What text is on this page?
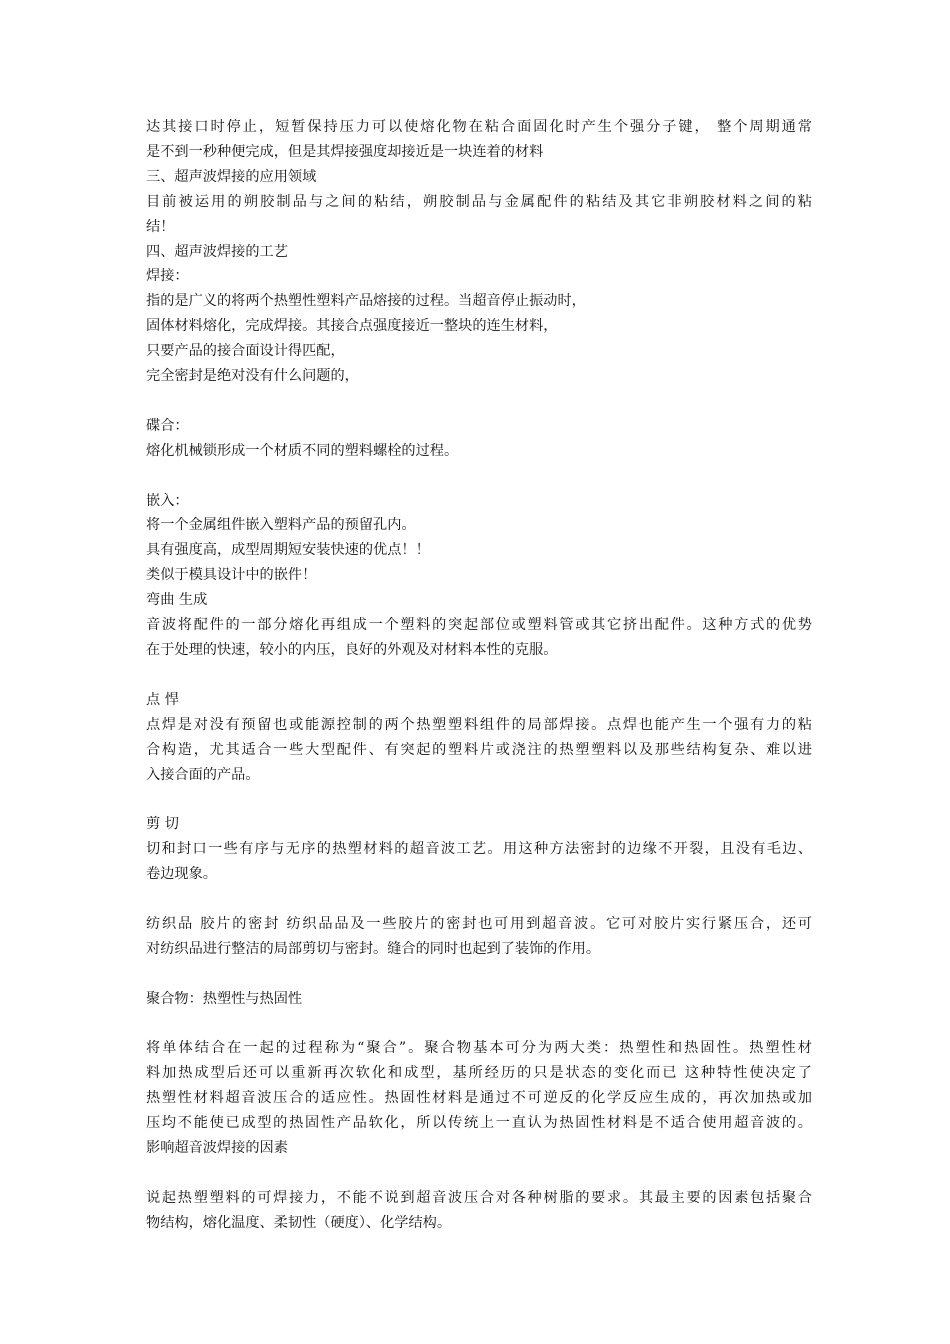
达其接口时停止，短暂保持压力可以使熔化物在粘合面固化时产生个强分子键， 整个周期通常
是不到一秒种便完成，但是其焊接强度却接近是一块连着的材料
三、超声波焊接的应用领域
目前被运用的朔胶制品与之间的粘结，朔胶制品与金属配件的粘结及其它非朔胶材料之间的粘
结！
四、超声波焊接的工艺
焊接：
指的是广义的将两个热塑性塑料产品熔接的过程。当超音停止振动时，
固体材料熔化，完成焊接。其接合点强度接近一整块的连生材料，
只要产品的接合面设计得匹配，
完全密封是绝对没有什么问题的，
碟合：
熔化机械锁形成一个材质不同的塑料螺栓的过程。
嵌入：
将一个金属组件嵌入塑料产品的预留孔内。
具有强度高，成型周期短安装快速的优点！！
类似于模具设计中的嵌件！
弯曲 生成
音波将配件的一部分熔化再组成一个塑料的突起部位或塑料管或其它挤出配件。这种方式的优势
在于处理的快速，较小的内压，良好的外观及对材料本性的克服。
点 悍
点焊是对没有预留也或能源控制的两个热塑塑料组件的局部焊接。点焊也能产生一个强有力的粘
合构造，尤其适合一些大型配件、有突起的塑料片或浇注的热塑塑料以及那些结构复杂、难以进
入接合面的产品。
剪 切
切和封口一些有序与无序的热塑材料的超音波工艺。用这种方法密封的边缘不开裂，且没有毛边、
卷边现象。
纺织品 胶片的密封 纺织品品及一些胶片的密封也可用到超音波。它可对胶片实行紧压合，还可
对纺织品进行整洁的局部剪切与密封。缝合的同时也起到了装饰的作用。
聚合物：热塑性与热固性
将单体结合在一起的过程称为“聚合”。聚合物基本可分为两大类：热塑性和热固性。热塑性材
料加热成型后还可以重新再次软化和成型，基所经历的只是状态的变化而已 这种特性使决定了
热塑性材料超音波压合的适应性。热固性材料是通过不可逆反的化学反应生成的，再次加热或加
压均不能使已成型的热固性产品软化，所以传统上一直认为热固性材料是不适合使用超音波的。
影响超音波焊接的因素
说起热塑塑料的可焊接力，不能不说到超音波压合对各种树脂的要求。其最主要的因素包括聚合
物结构，熔化温度、柔韧性（硬度）、化学结构。
